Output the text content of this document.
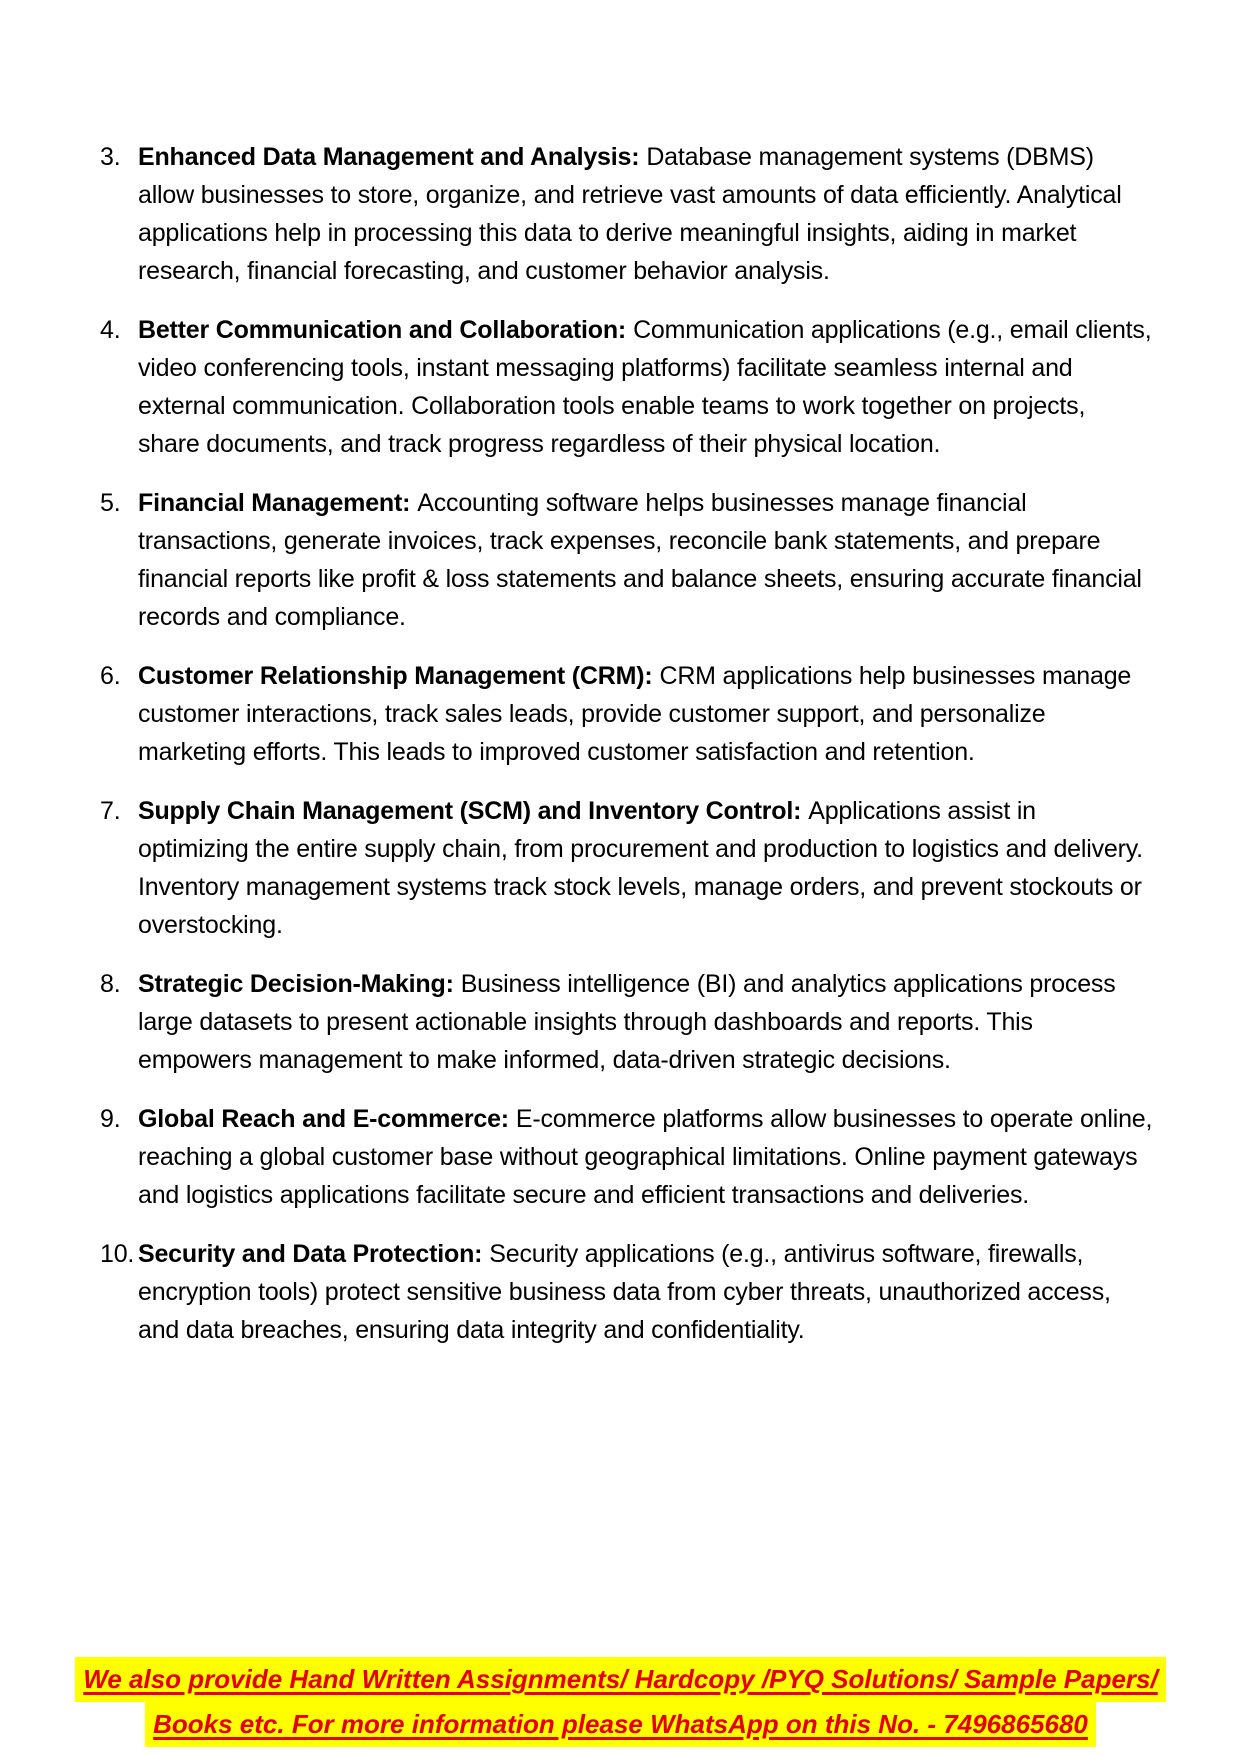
3. Enhanced Data Management and Analysis: Database management systems (DBMS) allow businesses to store, organize, and retrieve vast amounts of data efficiently. Analytical applications help in processing this data to derive meaningful insights, aiding in market research, financial forecasting, and customer behavior analysis.

4. Better Communication and Collaboration: Communication applications (e.g., email clients, video conferencing tools, instant messaging platforms) facilitate seamless internal and external communication. Collaboration tools enable teams to work together on projects, share documents, and track progress regardless of their physical location.

5. Financial Management: Accounting software helps businesses manage financial transactions, generate invoices, track expenses, reconcile bank statements, and prepare financial reports like profit & loss statements and balance sheets, ensuring accurate financial records and compliance.

6. Customer Relationship Management (CRM): CRM applications help businesses manage customer interactions, track sales leads, provide customer support, and personalize marketing efforts. This leads to improved customer satisfaction and retention.

7. Supply Chain Management (SCM) and Inventory Control: Applications assist in optimizing the entire supply chain, from procurement and production to logistics and delivery. Inventory management systems track stock levels, manage orders, and prevent stockouts or overstocking.

8. Strategic Decision-Making: Business intelligence (BI) and analytics applications process large datasets to present actionable insights through dashboards and reports. This empowers management to make informed, data-driven strategic decisions.

9. Global Reach and E-commerce: E-commerce platforms allow businesses to operate online, reaching a global customer base without geographical limitations. Online payment gateways and logistics applications facilitate secure and efficient transactions and deliveries.

10. Security and Data Protection: Security applications (e.g., antivirus software, firewalls, encryption tools) protect sensitive business data from cyber threats, unauthorized access, and data breaches, ensuring data integrity and confidentiality.

We also provide Hand Written Assignments/ Hardcopy /PYQ Solutions/ Sample Papers/
Books etc. For more information please WhatsApp on this No. - 7496865680
